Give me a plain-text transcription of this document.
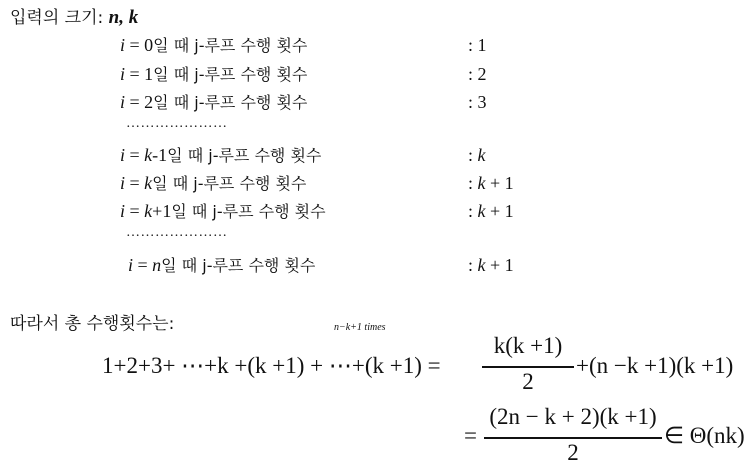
입력의 크기: n, k
i = 0일 때 j-루프 수행 횟수	: 1
i = 1일 때 j-루프 수행 횟수	: 2
i = 2일 때 j-루프 수행 횟수	: 3
…………………
i = k-1일 때 j-루프 수행 횟수	: k
i = k일 때 j-루프 수행 횟수	: k + 1
i = k+1일 때 j-루프 수행 횟수	: k + 1
…………………
i = n일 때 j-루프 수행 횟수	: k + 1
따라서 총 수행횟수는:	n−k+1 times
1+2+3+ ⋯+k +(k +1) + ⋯+(k +1) =
k(k +1)
2
+(n −k +1)(k +1)
=
(2n − k + 2)(k +1)
2
∈ Θ(nk)
